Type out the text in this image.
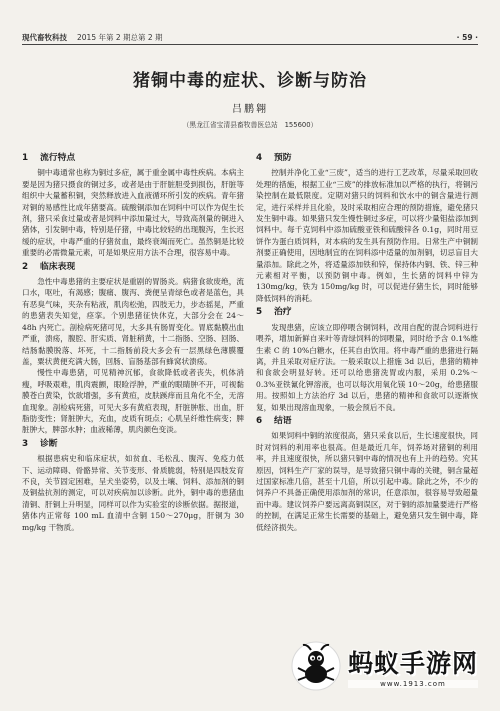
现代畜牧科技 2015 年第 2 期总第 2 期	· 59 ·
猪铜中毒的症状、诊断与防治
吕鹏翱
（黑龙江省宝清县畜牧兽医总站　155600）
1 流行特点

铜中毒通常也称为铜过多症，属于重金属中毒性疾病。本病主要是因为猪只摄食的铜过多，或者是由于肝脏胆受到损伤，肝脏等组织中大量蓄积铜，突然释放进入血液循环所引发的疾病。青年猪对铜的易感性比成年猪要高。硫酸铜添加在饲料中可以作为促生长剂，猪只采食过量或者是饲料中添加量过大，导致高剂量的铜进入猪体，引发铜中毒，特别是仔猪，中毒比较轻的出现腹泻，生长迟缓的症状，中毒严重的仔猪贫血，最终衰竭而死亡。虽然铜是比较重要的必需微量元素，可是如果应用方法不合理，很容易中毒。

2 临床表现

急性中毒患猪的主要症状是重剧的胃肠炎。病猪食欲废绝，流口水，呕吐，有渴感；腹痛、腹泻、粪便呈青绿色或者是蓝色，具有恶臭气味，夹杂有粘液，肌肉松弛，四肢无力，步态摇晃，严重的患猪表失知觉，痉挛。个别患猪征快休克，大部分会在 24～48h 内死亡。剖检病死猪可见，大多具有肠胃变化。胃底黏膜出血严重，溃疡，腹腔、肝实质、肾脏稍黄，十二指肠、空肠、回肠、结肠黏膜脱落、坏死，十二指肠前段大多会有一层黑绿色薄膜覆盖，粟状黄便充满大肠，回肠、盲肠基部有蜂窝状溃疡。

慢性中毒患猪，可见精神沉郁，食欲降低或者丧失，机体消瘦，呼吸艰难，肌肉震颤，眼睑浮肿，严重的眼睛肿不开，可视黏膜苍白黄染，饮欲增强，多有黄疸，皮肤蹊痒而且角化不全，无溶血现象。剖检病死猪，可见大多有黄疸表现，肝脏肿胀、出血，肝脂肪变性；肾脏肿大，充血，皮质有斑点；心肌呈纤维性病变；脾脏肿大，脾部水肿；血液稀薄，肌肉颜色变淡。

3 诊断

根据患病史和临床症状，如贫血、毛松乱、腹泻、免疫力低下、运动障碍、骨骼异常、关节变形、骨质脆弱，特别是四肢发育不良，关节固定困难，呈犬坐姿势，以及土壤、饲料、添加剂的铜及铜盐抗剂的测定，可以对疾病加以诊断。此外，铜中毒的患猪血清铜、肝铜上升明显，同样可以作为实验室的诊断依据。据报道，猪体内正常每 100 mL 血清中含铜 150～270μg，肝铜为 30 mg/kg 干物质。

4 预防

控制并净化工业“三废”，适当的进行工艺改革，尽量采取回收处理的措施，根据工业“三废”的排放标准加以严格的执行，将铜污染控制在最低限度。定期对猪只的饲料和饮水中的铜含量进行测定，进行采样并且化验，及时采取相应合理的预防措施，避免猪只发生铜中毒。如果猪只发生慢性铜过多症，可以将少量钼盐添加到饲料中。每千克饲料中添加硫酸亚铁和硫酸锌各 0.1g，同时用豆饼作为蛋白质饲料，对本病的发生具有预防作用。日常生产中铜制剂要正确使用，因地制宜的在饲料添中适量的加剂铜，切忌盲目大量添加。除此之外，将适量添加铁和锌，保持体内铜、铁、锌三种元素相对平衡，以预防铜中毒。例如，生长猪的饲料中锌为 130mg/kg，铁为 150mg/kg 时，可以促进仔猪生长，同时能够降低饲料的消耗。

5 治疗

发现患猪，应该立即停喂含铜饲料，改用自配的混合饲料进行喂养，增加新鲜自来叶等青绿饲料的饲喂量，同时给予含 0.1%维生素 C 的 10%白糖水，任其自由饮用。将中毒严重的患猪进行隔离，并且采取对症疗法。一般采取以上措施 3d 以后，患猪的精神和食欲会明显好转。还可以给患猪洗胃或内服，采用 0.2%～0.3%亚铁氰化钾溶液，也可以每次用氧化镁 10～20g，给患猪服用。按照如上方法治疗 3d 以后，患猪的精神和食欲可以逐渐恢复，如果出现溶血现象，一般会预后不良。

6 结语

如果饲料中铜的浓度很高，猪只采食以后，生长速度很快，同时对饲料的利用率也很高。但是最近几年，饲养场对猪铜的利用率，并且速度很快，所以猪只铜中毒的情况也有上升的趋势。究其原因，饲料生产厂家的误导，是导致猪只铜中毒的关键，铜含量超过国家标准几倍，甚至十几倍，所以引起中毒。除此之外，不少的饲养户不具备正确使用添加剂的常识，任意添加，很容易导致超量而中毒。建议饲养户要远离高铜误区，对于铜的添加量要进行严格的控制，在满足正常生长需要的基础上，避免猪只发生铜中毒，降低经济损失。

蚂蚁手游网
www.1913.com
